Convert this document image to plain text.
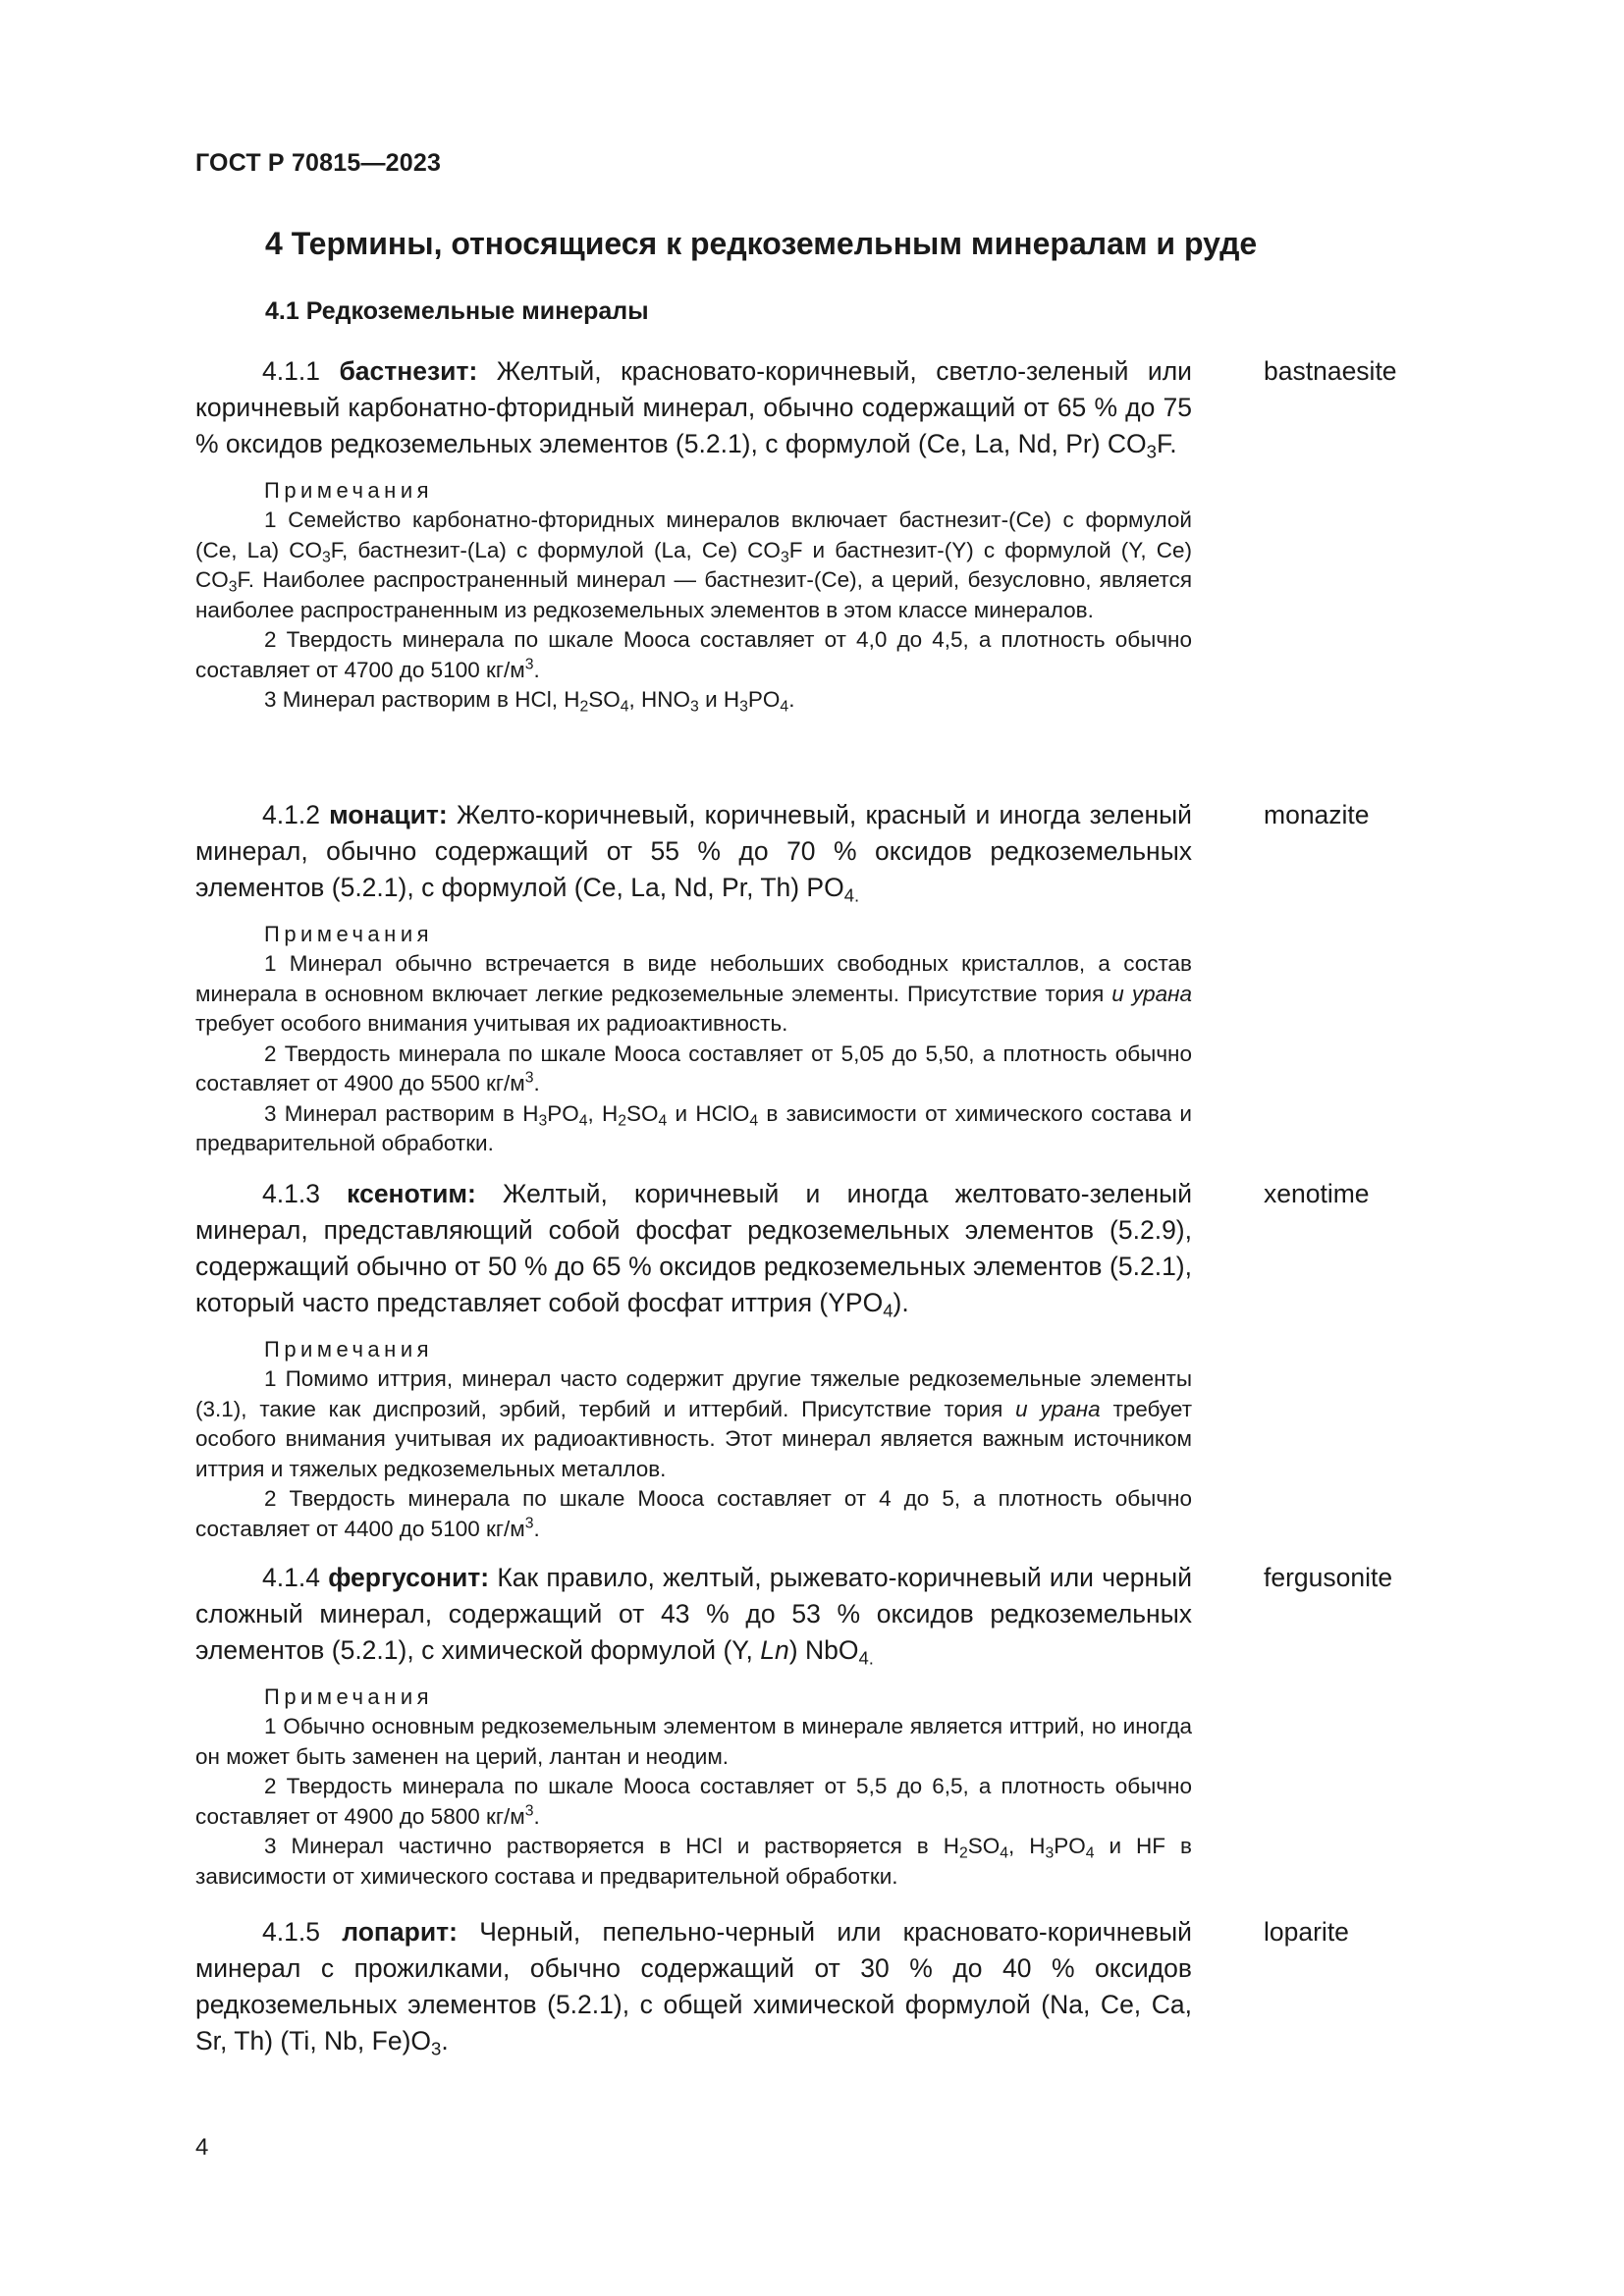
ГОСТ Р 70815—2023
4 Термины, относящиеся к редкоземельным минералам и руде
4.1 Редкоземельные минералы

4.1.1 бастнезит: Желтый, красновато-коричневый, светло-зеленый или коричневый карбонатно-фторидный минерал, обычно содержащий от 65 % до 75 % оксидов редкоземельных элементов (5.2.1), с формулой (Ce, La, Nd, Pr) $CO_3F$.

Примечания

1 Семейство карбонатно-фторидных минералов включает бастнезит-(Ce) с формулой (Ce, La) $CO_3F$, бастнезит-(La) с формулой (La, Ce) $CO_3F$ и бастнезит-(Y) с формулой (Y, Ce) $CO_3F$. Наиболее распространенный минерал — бастнезит-(Ce), а церий, безусловно, является наиболее распространенным из редкоземельных элементов в этом классе минералов.

2 Твердость минерала по шкале Мооса составляет от 4,0 до 4,5, а плотность обычно составляет от 4700 до 5100 $кг/м^3$.

3 Минерал растворим в HCl, $H_2SO_4$, $HNO_3$ и $H_3PO_4$.

bastnaesite

4.1.2 монацит: Желто-коричневый, коричневый, красный и иногда зеленый минерал, обычно содержащий от 55 % до 70 % оксидов редкоземельных элементов (5.2.1), с формулой (Ce, La, Nd, Pr, Th) $PO_{4.}$

Примечания

1 Минерал обычно встречается в виде небольших свободных кристаллов, а состав минерала в основном включает легкие редкоземельные элементы. Присутствие тория и урана требует особого внимания учитывая их радиоактивность.

2 Твердость минерала по шкале Мооса составляет от 5,05 до 5,50, а плотность обычно составляет от 4900 до 5500 $кг/м^3$.

3 Минерал растворим в $H_3PO_4$, $H_2SO_4$ и HClO$_4$ в зависимости от химического состава и предварительной обработки.

monazite

4.1.3 ксенотим: Желтый, коричневый и иногда желтовато-зеленый минерал, представляющий собой фосфат редкоземельных элементов (5.2.9), содержащий обычно от 50 % до 65 % оксидов редкоземельных элементов (5.2.1), который часто представляет собой фосфат иттрия $(YPO_4)$.

Примечания

1 Помимо иттрия, минерал часто содержит другие тяжелые редкоземельные элементы (3.1), такие как диспрозий, эрбий, тербий и иттербий. Присутствие тория и урана требует особого внимания учитывая их радиоактивность. Этот минерал является важным источником иттрия и тяжелых редкоземельных металлов.

2 Твердость минерала по шкале Мооса составляет от 4 до 5, а плотность обычно составляет от 4400 до 5100 $кг/м^3$.

xenotime

4.1.4 фергусонит: Как правило, желтый, рыжевато-коричневый или черный сложный минерал, содержащий от 43 % до 53 % оксидов редкоземельных элементов (5.2.1), с химической формулой (Y, Ln) NbO$_{4.}$

Примечания

1 Обычно основным редкоземельным элементом в минерале является иттрий, но иногда он может быть заменен на церий, лантан и неодим.

2 Твердость минерала по шкале Мооса составляет от 5,5 до 6,5, а плотность обычно составляет от 4900 до 5800 $кг/м^3$.

3 Минерал частично растворяется в HCl и растворяется в $H_2SO_4$, $H_3PO_4$ и HF в зависимости от химического состава и предварительной обработки.

fergusonite

4.1.5 лопарит: Черный, пепельно-черный или красновато-коричневый минерал с прожилками, обычно содержащий от 30 % до 40 % оксидов редкоземельных элементов (5.2.1), с общей химической формулой (Na, Ce, Ca, Sr, Th) (Ti, Nb, $Fe)O_3$.

loparite
4
